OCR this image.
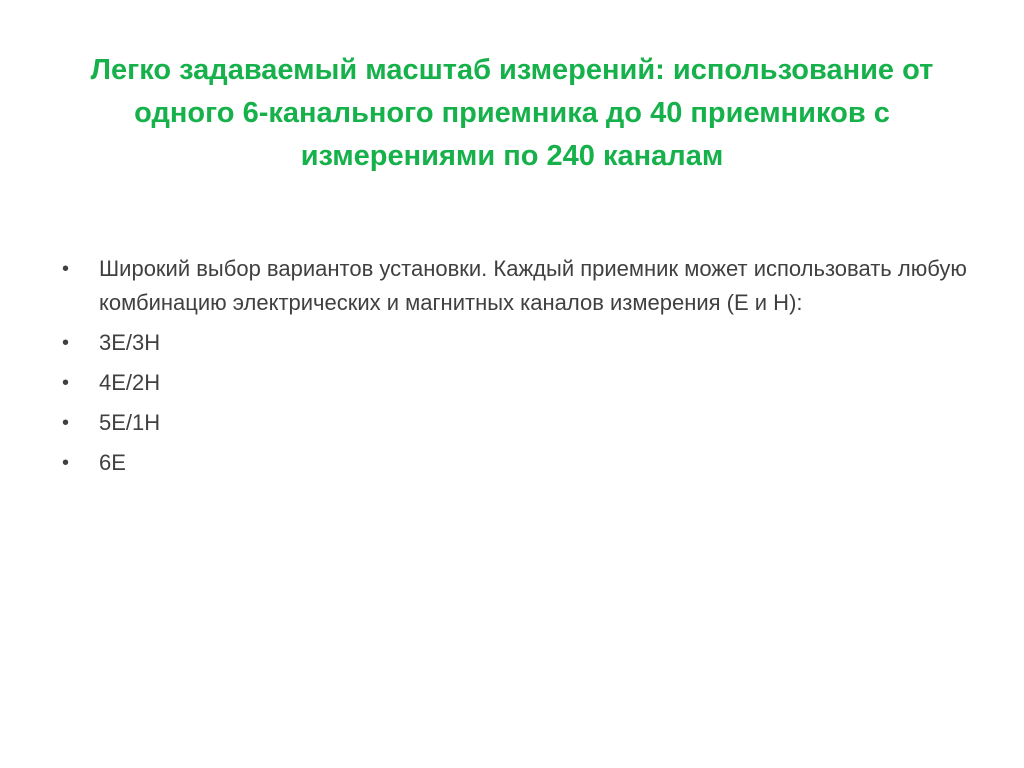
Легко задаваемый масштаб измерений: использование от одного 6-канального приемника до 40 приемников с измерениями по 240 каналам
•	Широкий выбор вариантов установки. Каждый приемник может использовать любую комбинацию электрических и магнитных каналов измерения (E и H):
•	3E/3H
•	4E/2H
•	5E/1H
•	6E
